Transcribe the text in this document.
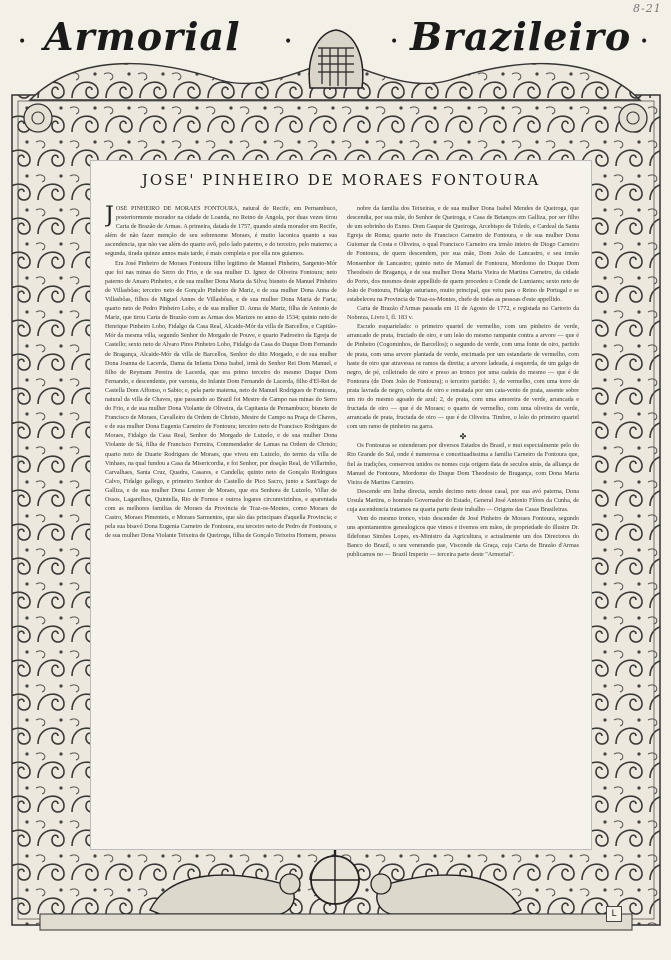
8-21
• Armorial	•	• Brazileiro •
JOSE' PINHEIRO DE MORAES FONTOURA

JOSÉ PINHEIRO DE MORAES FONTOURA, natural de Recife, em Pernambuco, posteriormente morador na cidade de Loanda, no Reino de Angola, por duas vezes tirou Carta de Brazão de Armas. A primeira, datada de 1757, quando ainda morador em Recife, além de não fazer menção de seu sobrenome Moraes, é muito laconica quanto a sua ascendencia, que não vae além do quarto avô, pelo lado paterno, e do terceiro, pelo materno; a segunda, tirada quinze annos mais tarde, é mais completa e por ella nos guiamos.

Era José Pinheiro de Moraes Fontoura filho legitimo de Manuel Pinheiro, Sargento-Mór que foi nas minas do Serro do Frio, e de sua mulher D. Ignez de Oliveira Fontoura; neto paterno de Amaro Pinheiro, e de sua mulher Dona Maria da Silva; bisneto de Manuel Pinheiro de Villasbôas; terceiro neto de Gonçalo Pinheiro de Mariz, e de sua mulher Dona Anna de Villasbôas, filhos de Miguel Annes de Villasbôas, e de sua mulher Dona Maria de Faria; quarto neto de Pedro Pinheiro Lobo, e de sua mulher D. Anna de Mariz, filha de Antonio de Mariz, que tirou Carta de Brazão com as Armas dos Marizes no anno de 1534; quinto neto de Henrique Pinheiro Lobo, Fidalgo da Casa Real, Alcaide-Mór da villa de Barcellos, e Capitão-Mór da mesma villa, segundo Senhor do Morgado de Pouve, e quarto Padroeiro da Egreja de Castello; sexto neto de Alvaro Pires Pinheiro Lobo, Fidalgo da Casa do Duque Dom Fernando de Bragança, Alcaide-Mór da villa de Barcellos, Senhor do dito Morgado, e de sua mulher Dona Joanna de Lacerda, Dama da Infanta Dona Isabel, irmã do Senhor Rei Dom Manuel, e filho de Reymam Pereira de Lacerda, que era primo terceiro do mesmo Duque Dom Fernando, e descendente, por varonia, do Infante Dom Fernando de Lacerda, filho d'El-Rei de Castella Dom Affonso, o Sabio; e, pela parte materna, neto de Manuel Rodrigues de Fontoura, natural da villa de Chaves, que passando ao Brazil foi Mestre de Campo nas minas do Serro do Frio, e de sua mulher Dona Violante de Oliveira, da Capitania de Pernambuco; bisneto de Francisco de Moraes, Cavalleiro da Ordem de Christo, Mestre de Campo na Praça de Chaves, e de sua mulher Dona Eugenia Carneiro de Fontoura; terceiro neto de Francisco Rodrigues de Moraes, Fidalgo da Casa Real, Senhor do Morgado de Luizelo, e de sua mulher Dona Violante de Sá, filha de Francisco Ferreira, Commendador de Lamas na Ordem de Christo; quarto neto de Duarte Rodrigues de Moraes, que viveu em Luizelo, do termo da villa de Vinhaes, na qual fundou a Casa da Misericordia, e foi Senhor, por doação Real, de Villarinho, Carvalhaes, Santa Cruz, Quadra, Casares, e Candella; quinto neto de Gonçalo Rodrigues Calvo, Fidalgo gallego, e primeiro Senhor do Castello de Pico Sacro, junto a Sant'Iago de Galliza, e de sua mulher Dona Leonor de Moraes, que era Senhora de Luizelo, Villar de Ossos, Lagarelhos, Quintella, Rio de Fornos e outros logares circumvizinhos, e aparentada com as melhores familias de Moraes da Provincia de Traz-os-Montes, como Moraes de Castro, Moraes Pimenteis, e Moraes Sarmentos, que são das principaes d'aquella Provincia; e pela sua bisavó Dona Eugenia Carneiro de Fontoura, era terceiro neto de Pedro de Fontoura, e de sua mulher Dona Violante Teixeira de Queiroga, filha de Gonçalo Teixeira Homem, pessoa

nobre da familia dos Teixeiras, e de sua mulher Dona Isabel Mendes de Queiroga, que descendia, por sua mãe, do Senhor de Queiroga, e Casa de Betanços em Galliza, por ser filho de um sobrinho do Exmo. Dom Gaspar de Queiroga, Arcebispo de Toledo, e Cardeal da Santa Egreja de Roma; quarto neto de Francisco Carneiro de Fontoura, e de sua mulher Dona Guiomar da Costa e Oliveira, o qual Francisco Carneiro era irmão inteiro de Diogo Carneiro de Fontoura, de quem descendem, por sua mãe, Dom João de Lancastro, e seu irmão Monsenhor de Lancastro; quinto neto de Manuel de Fontoura, Mordomo do Duque Dom Theodosio de Bragança, e de sua mulher Dona Maria Vieira de Martins Carneiro, da cidade do Porto, dos mesmos deste appellido de quem procedeu o Conde de Lumiares; sexto neto de João de Fontoura, Fidalgo asturiano, muito principal, que veiu para o Reino de Portugal e se estabeleceu na Provincia de Traz-os-Montes, chefe de todas as pessoas d'este appellido.

Carta de Brazão d'Armas passada em 11 de Agosto de 1772, e registada no Cartorio da Nobreza, Livro I, fl. 183 v.

Escudo esquartelado: o primeiro quartel de vermelho, com um pinheiro de verde, arrancado de prata, fructado de oiro, e um leão do mesmo rampante contra a arvore — que é de Pinheiro (Cogominhos, de Barcellos); o segundo de verde, com uma fonte de oiro, partido de prata, com uma arvore plantada de verde, encimada por um estandarte de vermelho, com haste de oiro que atravessa os ramos da direita; a arvore ladeada, á esquerda, de um galgo de negro, de pé, colleirado de oiro e preso ao tronco por uma cadeia do mesmo — que é de Fontoura (de Dom João de Fontoura); o terceiro partido: 1, de vermelho, com uma torre de prata lavrada de negro, coberta de oiro e rematada por um cata-vento de prata, assente sobre um rio do mesmo agoado de azul; 2, de prata, com uma amoreira de verde, arrancada e fructada de oiro — que é de Moraes; o quarto de vermelho, com uma oliveira de verde, arrancada de prata, fructada de oiro — que é de Oliveira. Timbre, o leão do primeiro quartel com um ramo de pinheiro na garra.

✤

Os Fontouras se estenderam por diversos Estados do Brasil, e mui especialmente pelo do Rio Grande do Sul, onde é numerosa e conceituadissima a familia Carneiro da Fontoura que, fiel ás tradições, conservou unidos os nomes cuja origem data de seculos atrás, da alliança de Manuel de Fontoura, Mordomo do Duque Dom Theodosio de Bragança, com Dona Maria Vieira de Martins Carneiro.

Descende em linha directa, sendo decimo neto desse casal, por sua avó paterna, Dona Ursula Martins, o honrado Governador do Estado, General José Antonio Flôres da Cunha, de cuja ascendencia tratamos na quarta parte deste trabalho — Origens das Casas Brasileiras.

Vem do mesmo tronco, visto descender de José Pinheiro de Moraes Fontoura, segundo uns apontamentos genealogicos que vimos e tivemos em mãos, de propriedade do illustre Dr. Ildefonso Simões Lopes, ex-Ministro da Agricultura, e actualmente um dos Directores do Banco do Brazil, o seu venerando pae, Visconde da Graça, cuja Carta de Brazão d'Armas publicamos no — Brazil Imperio — terceira parte deste "Armorial".

L
